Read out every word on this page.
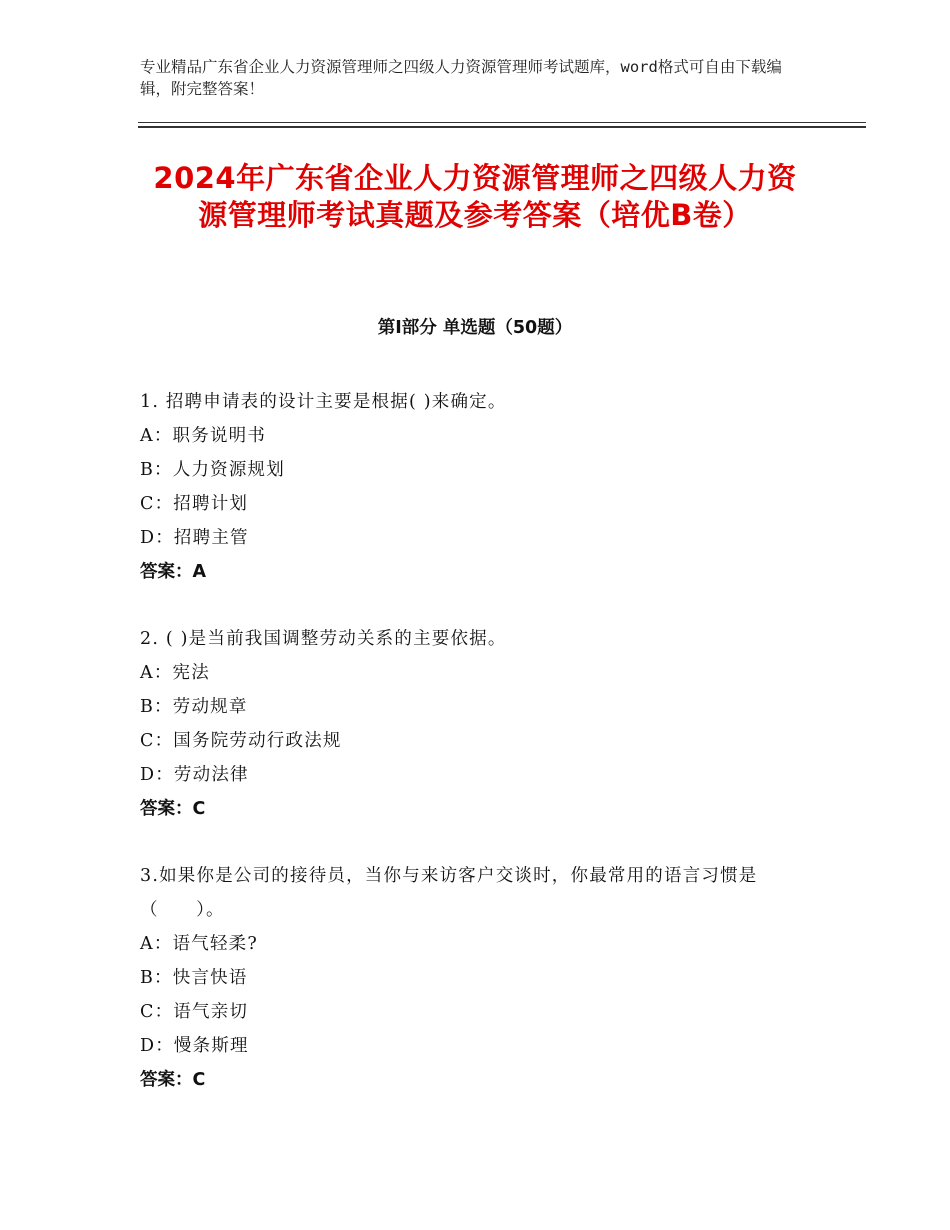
专业精品广东省企业人力资源管理师之四级人力资源管理师考试题库，word格式可自由下载编辑，附完整答案！
2024年广东省企业人力资源管理师之四级人力资源管理师考试真题及参考答案（培优B卷）
第Ⅰ部分 单选题（50题）

1. 招聘申请表的设计主要是根据( )来确定。

A：职务说明书

B：人力资源规划

C：招聘计划

D：招聘主管

答案：A

2. ( )是当前我国调整劳动关系的主要依据。

A：宪法

B：劳动规章

C：国务院劳动行政法规

D：劳动法律

答案：C

3.如果你是公司的接待员，当你与来访客户交谈时，你最常用的语言习惯是（　　）。

A：语气轻柔?

B：快言快语

C：语气亲切

D：慢条斯理

答案：C
